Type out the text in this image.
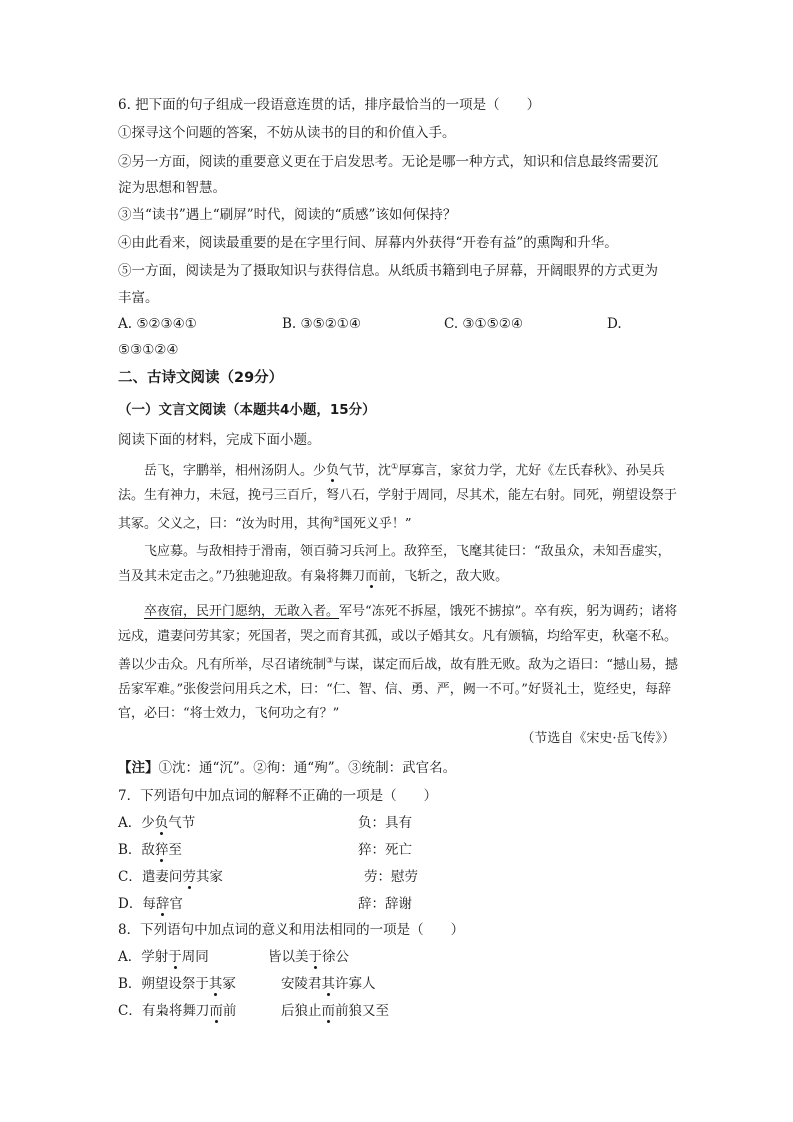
6. 把下面的句子组成一段语意连贯的话，排序最恰当的一项是（　　）
①探寻这个问题的答案，不妨从读书的目的和价值入手。
②另一方面，阅读的重要意义更在于启发思考。无论是哪一种方式，知识和信息最终需要沉
淀为思想和智慧。
③当“读书”遇上“刷屏”时代，阅读的“质感”该如何保持？
④由此看来，阅读最重要的是在字里行间、屏幕内外获得“开卷有益”的熏陶和升华。
⑤一方面，阅读是为了摄取知识与获得信息。从纸质书籍到电子屏幕，开阔眼界的方式更为
丰富。
A. ⑤②③④①	B. ③⑤②①④	C. ③①⑤②④	D.
⑤③①②④
二、古诗文阅读（29分）
（一）文言文阅读（本题共4小题，15分）
阅读下面的材料，完成下面小题。
岳飞，字鹏举，相州汤阴人。少负气节，沈①厚寡言，家贫力学，尤好《左氏春秋》、孙吴兵法。生有神力，未冠，挽弓三百斤，弩八石，学射于周同，尽其术，能左右射。同死，朔望设祭于其冢。父义之，曰：“汝为时用，其徇②国死义乎！”
飞应募。与敌相持于滑南，领百骑习兵河上。敌猝至，飞麾其徒曰：“敌虽众，未知吾虚实，当及其未定击之。”乃独驰迎敌。有枭将舞刀而前，飞斩之，敌大败。
卒夜宿，民开门愿纳，无敢入者。军号“冻死不拆屋，饿死不掳掠”。卒有疾，躬为调药；诸将远戍，遣妻问劳其家；死国者，哭之而育其孤，或以子婚其女。凡有颁犒，均给军吏，秋毫不私。善以少击众。凡有所举，尽召诸统制③与谋，谋定而后战，故有胜无败。敌为之语曰：“撼山易，撼岳家军难。”张俊尝问用兵之术，曰：“仁、智、信、勇、严，阙一不可。”好贤礼士，览经史，每辞官，必曰：“将士效力，飞何功之有？”
（节选自《宋史·岳飞传》）
【注】①沈：通“沉”。②徇：通“殉”。③统制：武官名。
7．下列语句中加点词的解释不正确的一项是（　　）
A．少负气节	负：具有
B．敌猝至	猝：死亡
C．遣妻问劳其家	劳：慰劳
D．每辞官	辞：辞谢
8．下列语句中加点词的意义和用法相同的一项是（　　）
A．学射于周同	皆以美于徐公
B．朔望设祭于其冢	安陵君其许寡人
C．有枭将舞刀而前	后狼止而前狼又至
